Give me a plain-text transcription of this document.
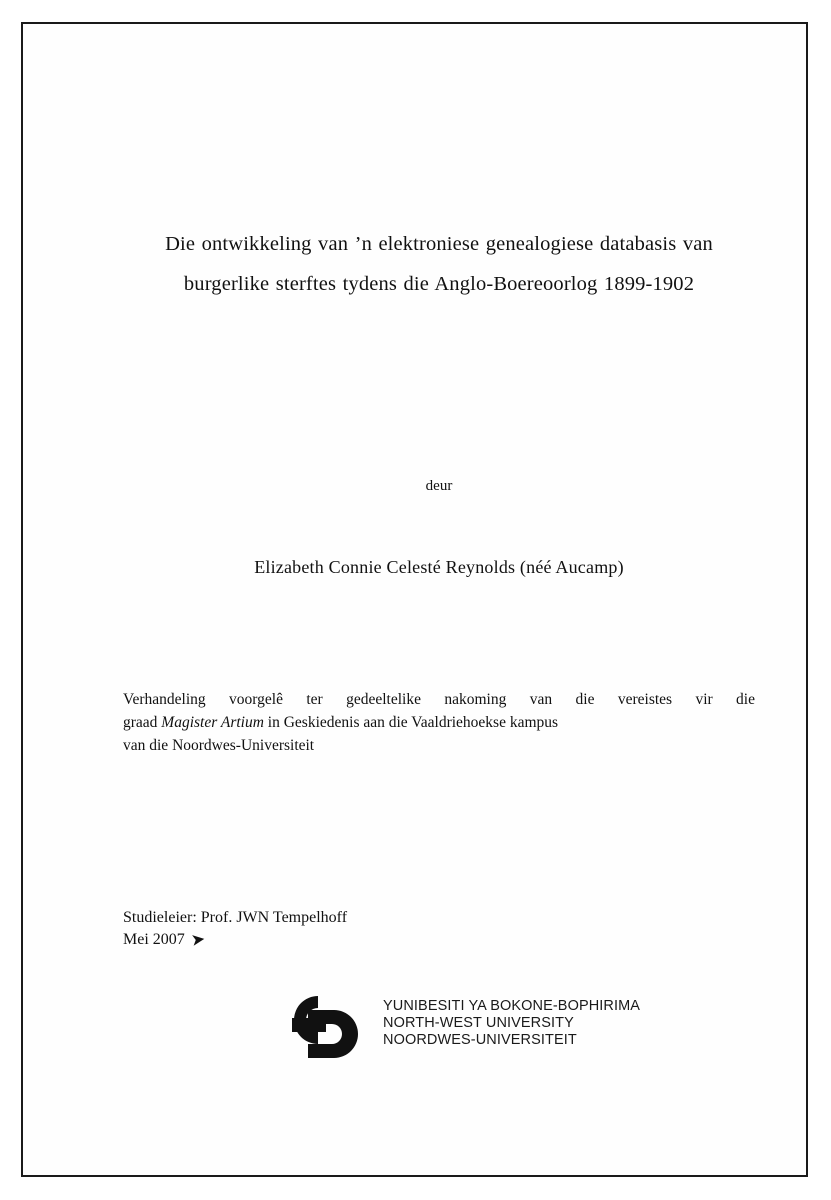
Die ontwikkeling van ’n elektroniese genealogiese databasis van
burgerlike sterftes tydens die Anglo-Boereoorlog 1899-1902
deur
Elizabeth Connie Celesté Reynolds (néé Aucamp)
Verhandeling voorgelê ter gedeeltelike nakoming van die vereistes vir die
graad Magister Artium in Geskiedenis aan die Vaaldriehoekse kampus
van die Noordwes-Universiteit
Studieleier: Prof. JWN Tempelhoff
Mei 2007 ➤
YUNIBESITI YA BOKONE-BOPHIRIMA
NORTH-WEST UNIVERSITY
NOORDWES-UNIVERSITEIT
